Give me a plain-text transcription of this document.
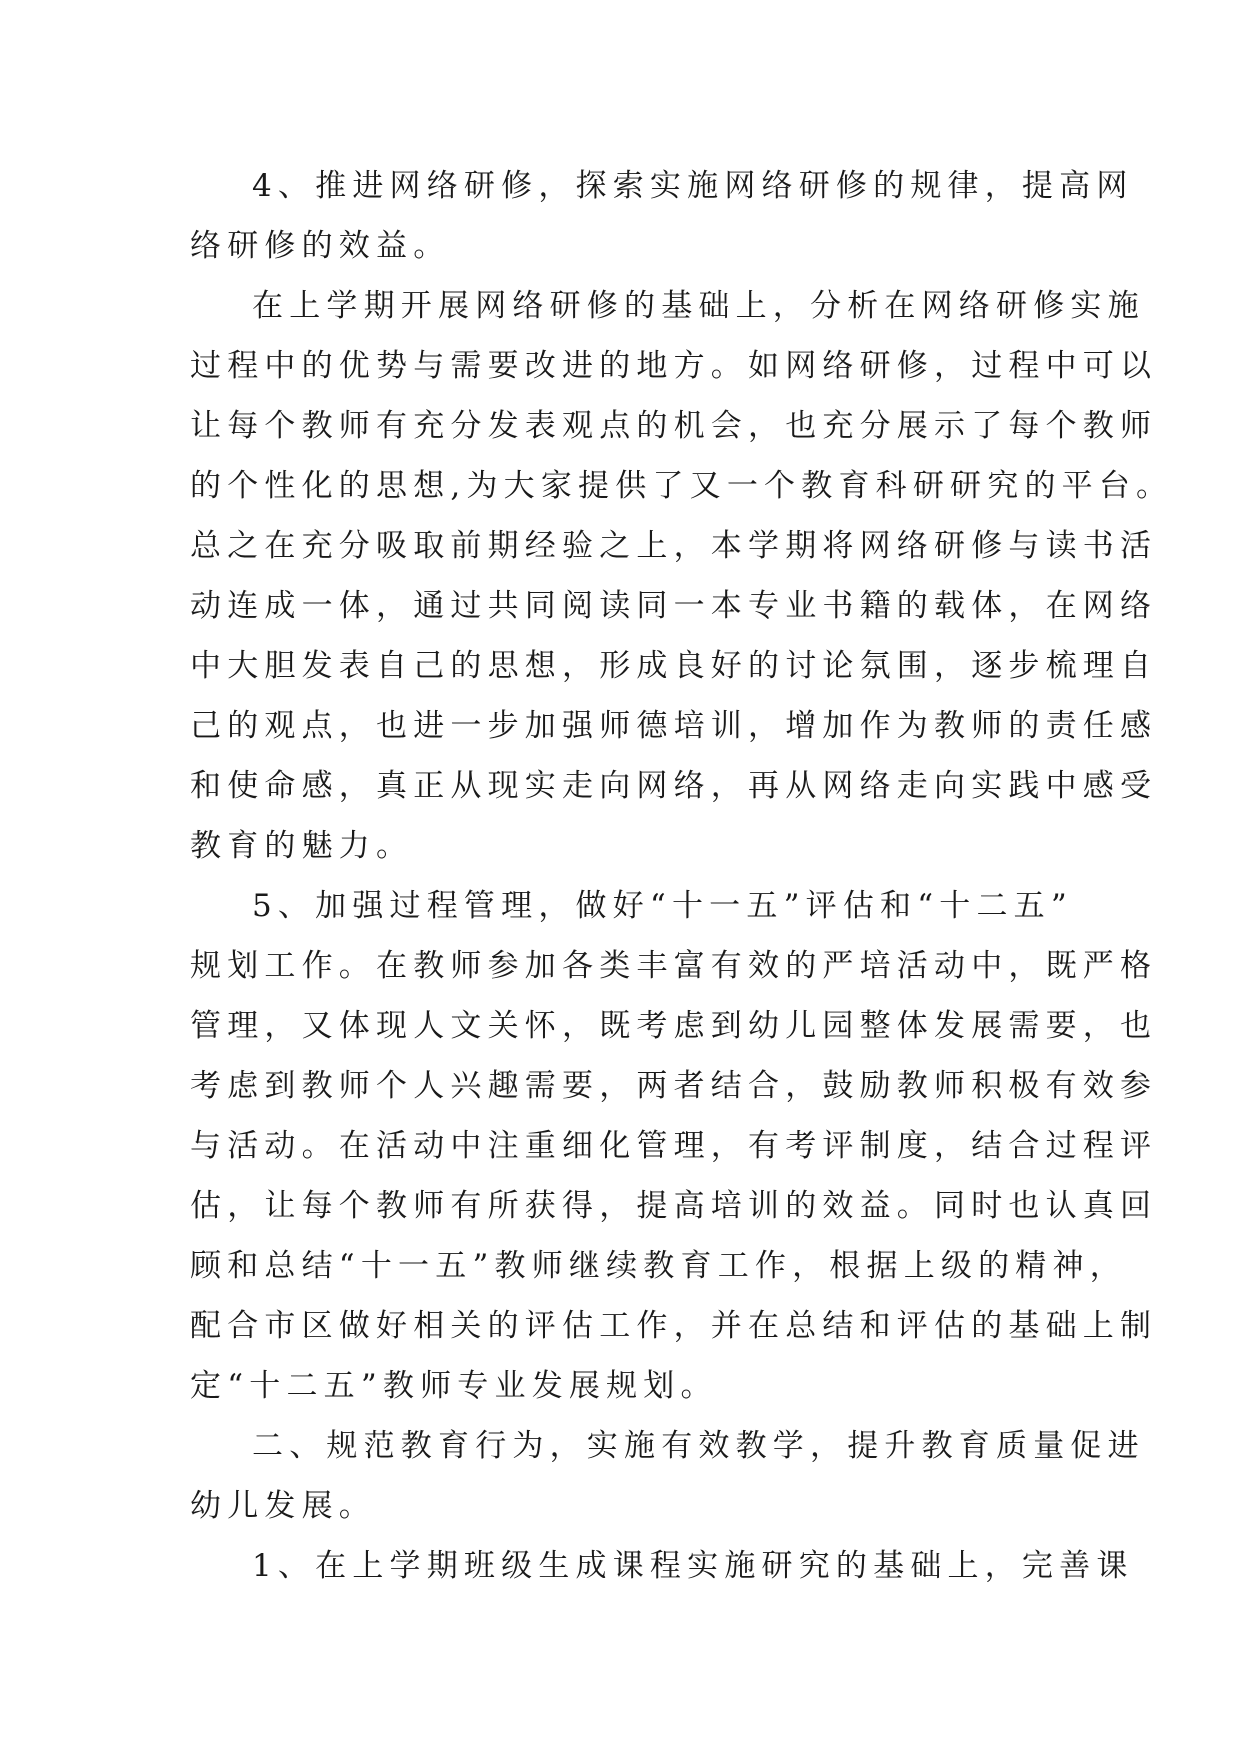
4、推进网络研修，探索实施网络研修的规律，提高网
络研修的效益。

在上学期开展网络研修的基础上，分析在网络研修实施
过程中的优势与需要改进的地方。如网络研修，过程中可以
让每个教师有充分发表观点的机会，也充分展示了每个教师
的个性化的思想,为大家提供了又一个教育科研研究的平台。
总之在充分吸取前期经验之上，本学期将网络研修与读书活
动连成一体，通过共同阅读同一本专业书籍的载体，在网络
中大胆发表自己的思想，形成良好的讨论氛围，逐步梳理自
己的观点，也进一步加强师德培训，增加作为教师的责任感
和使命感，真正从现实走向网络，再从网络走向实践中感受
教育的魅力。

5、加强过程管理，做好“十一五”评估和“十二五”
规划工作。在教师参加各类丰富有效的严培活动中，既严格
管理，又体现人文关怀，既考虑到幼儿园整体发展需要，也
考虑到教师个人兴趣需要，两者结合，鼓励教师积极有效参
与活动。在活动中注重细化管理，有考评制度，结合过程评
估，让每个教师有所获得，提高培训的效益。同时也认真回
顾和总结“十一五”教师继续教育工作，根据上级的精神，
配合市区做好相关的评估工作，并在总结和评估的基础上制
定“十二五”教师专业发展规划。

二、规范教育行为，实施有效教学，提升教育质量促进
幼儿发展。

1、在上学期班级生成课程实施研究的基础上，完善课
